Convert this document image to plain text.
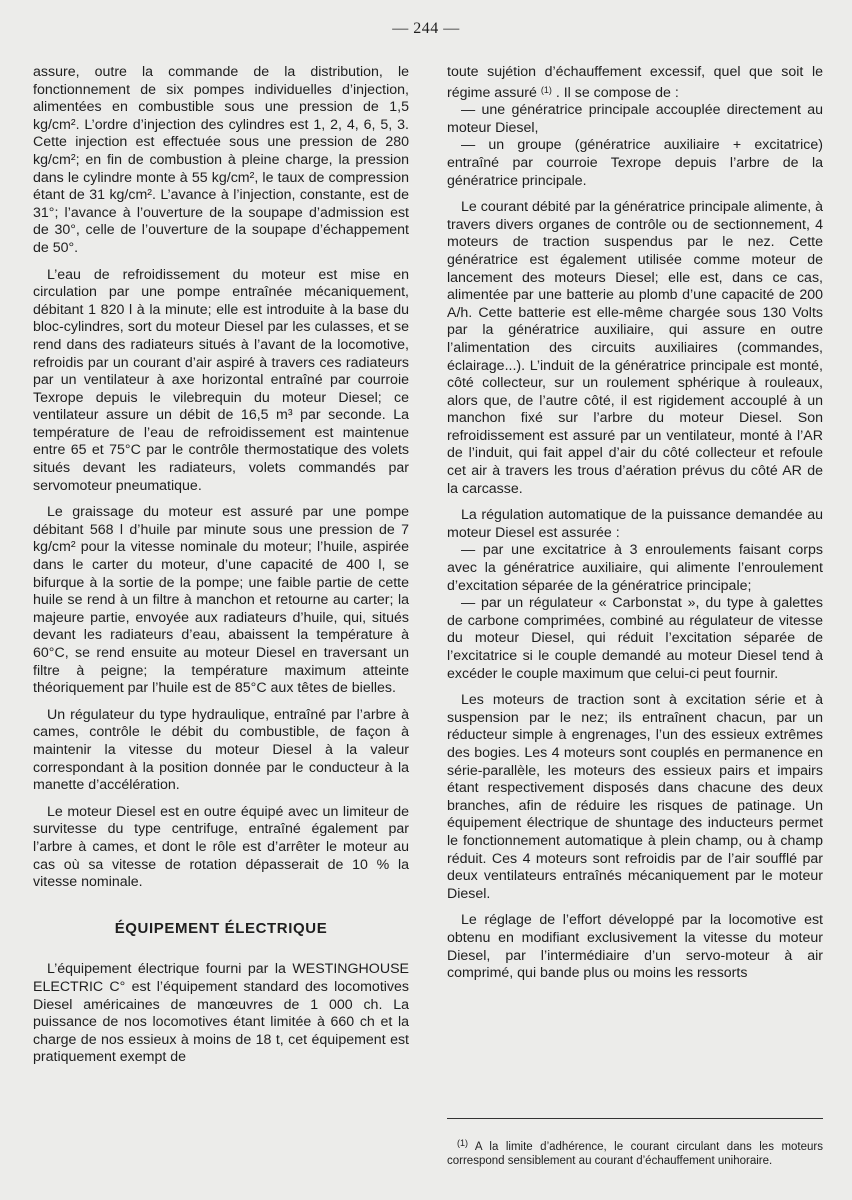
— 244 —

assure, outre la commande de la distribution, le fonctionnement de six pompes individuelles d’injection, alimentées en combustible sous une pression de 1,5 kg/cm². L’ordre d’injection des cylindres est 1, 2, 4, 6, 5, 3. Cette injection est effectuée sous une pression de 280 kg/cm²; en fin de combustion à pleine charge, la pression dans le cylindre monte à 55 kg/cm², le taux de compression étant de 31 kg/cm². L’avance à l’injection, constante, est de 31°; l’avance à l’ouverture de la soupape d’admission est de 30°, celle de l’ouverture de la soupape d’échappement de 50°.

L’eau de refroidissement du moteur est mise en circulation par une pompe entraînée mécaniquement, débitant 1 820 l à la minute; elle est introduite à la base du bloc-cylindres, sort du moteur Diesel par les culasses, et se rend dans des radiateurs situés à l’avant de la locomotive, refroidis par un courant d’air aspiré à travers ces radiateurs par un ventilateur à axe horizontal entraîné par courroie Texrope depuis le vilebrequin du moteur Diesel; ce ventilateur assure un débit de 16,5 m³ par seconde. La température de l’eau de refroidissement est maintenue entre 65 et 75°C par le contrôle thermostatique des volets situés devant les radiateurs, volets commandés par servomoteur pneumatique.

Le graissage du moteur est assuré par une pompe débitant 568 l d’huile par minute sous une pression de 7 kg/cm² pour la vitesse nominale du moteur; l’huile, aspirée dans le carter du moteur, d’une capacité de 400 l, se bifurque à la sortie de la pompe; une faible partie de cette huile se rend à un filtre à manchon et retourne au carter; la majeure partie, envoyée aux radiateurs d’huile, qui, situés devant les radiateurs d’eau, abaissent la température à 60°C, se rend ensuite au moteur Diesel en traversant un filtre à peigne; la température maximum atteinte théoriquement par l’huile est de 85°C aux têtes de bielles.

Un régulateur du type hydraulique, entraîné par l’arbre à cames, contrôle le débit du combustible, de façon à maintenir la vitesse du moteur Diesel à la valeur correspondant à la position donnée par le conducteur à la manette d’accélération.

Le moteur Diesel est en outre équipé avec un limiteur de survitesse du type centrifuge, entraîné également par l’arbre à cames, et dont le rôle est d’arrêter le moteur au cas où sa vitesse de rotation dépasserait de 10 % la vitesse nominale.

ÉQUIPEMENT ÉLECTRIQUE

L’équipement électrique fourni par la WESTINGHOUSE ELECTRIC C° est l’équipement standard des locomotives Diesel américaines de manœuvres de 1 000 ch. La puissance de nos locomotives étant limitée à 660 ch et la charge de nos essieux à moins de 18 t, cet équipement est pratiquement exempt de

toute sujétion d’échauffement excessif, quel que soit le régime assuré $^{(1)}$ . Il se compose de :

— une génératrice principale accouplée directement au moteur Diesel,

— un groupe (génératrice auxiliaire + excitatrice) entraîné par courroie Texrope depuis l’arbre de la génératrice principale.

Le courant débité par la génératrice principale alimente, à travers divers organes de contrôle ou de sectionnement, 4 moteurs de traction suspendus par le nez. Cette génératrice est également utilisée comme moteur de lancement des moteurs Diesel; elle est, dans ce cas, alimentée par une batterie au plomb d’une capacité de 200 A/h. Cette batterie est elle-même chargée sous 130 Volts par la génératrice auxiliaire, qui assure en outre l’alimentation des circuits auxiliaires (commandes, éclairage...). L’induit de la génératrice principale est monté, côté collecteur, sur un roulement sphérique à rouleaux, alors que, de l’autre côté, il est rigidement accouplé à un manchon fixé sur l’arbre du moteur Diesel. Son refroidissement est assuré par un ventilateur, monté à l’AR de l’induit, qui fait appel d’air du côté collecteur et refoule cet air à travers les trous d’aération prévus du côté AR de la carcasse.

La régulation automatique de la puissance demandée au moteur Diesel est assurée :

— par une excitatrice à 3 enroulements faisant corps avec la génératrice auxiliaire, qui alimente l’enroulement d’excitation séparée de la génératrice principale;

— par un régulateur « Carbonstat », du type à galettes de carbone comprimées, combiné au régulateur de vitesse du moteur Diesel, qui réduit l’excitation séparée de l’excitatrice si le couple demandé au moteur Diesel tend à excéder le couple maximum que celui-ci peut fournir.

Les moteurs de traction sont à excitation série et à suspension par le nez; ils entraînent chacun, par un réducteur simple à engrenages, l’un des essieux extrêmes des bogies. Les 4 moteurs sont couplés en permanence en série-parallèle, les moteurs des essieux pairs et impairs étant respectivement disposés dans chacune des deux branches, afin de réduire les risques de patinage. Un équipement électrique de shuntage des inducteurs permet le fonctionnement automatique à plein champ, ou à champ réduit. Ces 4 moteurs sont refroidis par de l’air soufflé par deux ventilateurs entraînés mécaniquement par le moteur Diesel.

Le réglage de l’effort développé par la locomotive est obtenu en modifiant exclusivement la vitesse du moteur Diesel, par l’intermédiaire d’un servo-moteur à air comprimé, qui bande plus ou moins les ressorts

$^{(1)}$ A la limite d’adhérence, le courant circulant dans les moteurs correspond sensiblement au courant d’échauffement unihoraire.
